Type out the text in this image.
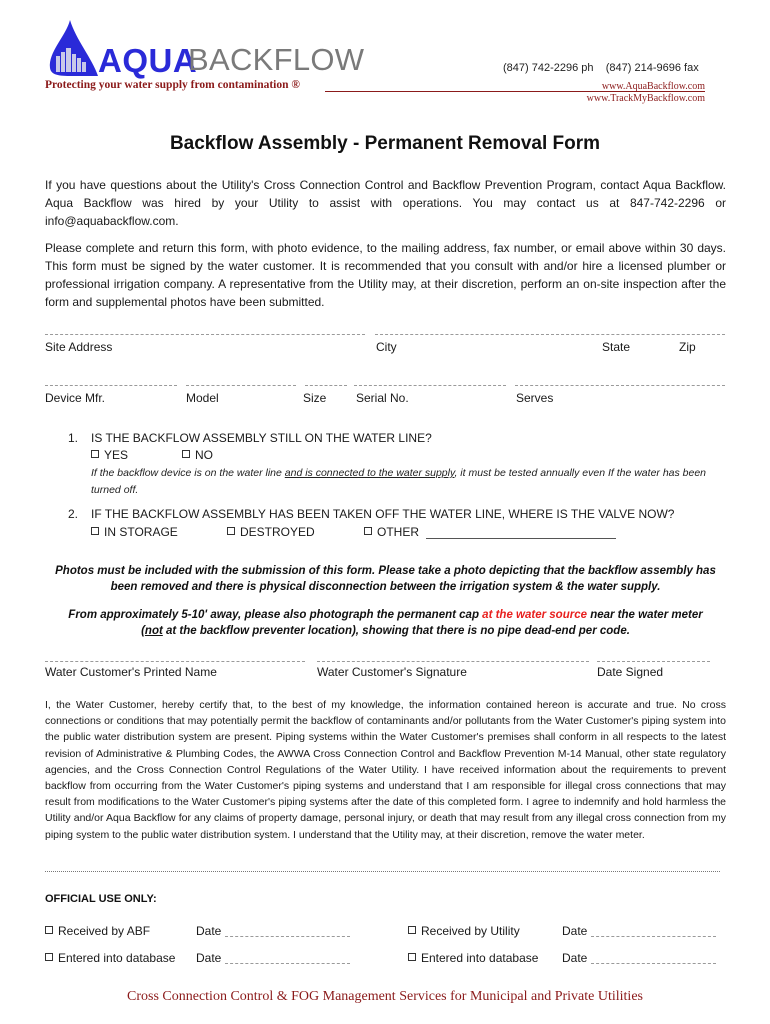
AQUA
BACKFLOW
Protecting your water supply from contamination ®
(847) 742-2296 ph (847) 214-9696 fax
www.AquaBackflow.com
www.TrackMyBackflow.com
Backflow Assembly - Permanent Removal Form
If you have questions about the Utility's Cross Connection Control and Backflow Prevention Program, contact Aqua Backflow. Aqua Backflow was hired by your Utility to assist with operations. You may contact us at 847-742-2296 or info@aquabackflow.com.
Please complete and return this form, with photo evidence, to the mailing address, fax number, or email above within 30 days. This form must be signed by the water customer. It is recommended that you consult with and/or hire a licensed plumber or professional irrigation company. A representative from the Utility may, at their discretion, perform an on-site inspection after the form and supplemental photos have been submitted.
Site Address	City	State	Zip
Device Mfr.	Model	Size Serial No.	Serves
1. IS THE BACKFLOW ASSEMBLY STILL ON THE WATER LINE?
YES	NO
If the backflow device is on the water line and is connected to the water supply, it must be tested annually even If the water has been turned off.
2. IF THE BACKFLOW ASSEMBLY HAS BEEN TAKEN OFF THE WATER LINE, WHERE IS THE VALVE NOW?
IN STORAGE	DESTROYED	OTHER
Photos must be included with the submission of this form. Please take a photo depicting that the backflow assembly has been removed and there is physical disconnection between the irrigation system & the water supply.
From approximately 5-10' away, please also photograph the permanent cap at the water source near the water meter
(not at the backflow preventer location), showing that there is no pipe dead-end per code.
Water Customer's Printed Name	Water Customer's Signature	Date Signed
I, the Water Customer, hereby certify that, to the best of my knowledge, the information contained hereon is accurate and true. No cross connections or conditions that may potentially permit the backflow of contaminants and/or pollutants from the Water Customer's piping system into the public water distribution system are present. Piping systems within the Water Customer's premises shall conform in all respects to the latest revision of Administrative & Plumbing Codes, the AWWA Cross Connection Control and Backflow Prevention M-14 Manual, other state regulatory agencies, and the Cross Connection Control Regulations of the Water Utility. I have received information about the requirements to prevent backflow from occurring from the Water Customer's piping systems and understand that I am responsible for illegal cross connections that may result from modifications to the Water Customer's piping systems after the date of this completed form. I agree to indemnify and hold harmless the Utility and/or Aqua Backflow for any claims of property damage, personal injury, or death that may result from any illegal cross connection from my piping system to the public water distribution system. I understand that the Utility may, at their discretion, remove the water meter.
OFFICIAL USE ONLY:
Received by ABF	Date	Received by Utility	Date
Entered into database Date	Entered into database Date
Cross Connection Control & FOG Management Services for Municipal and Private Utilities
